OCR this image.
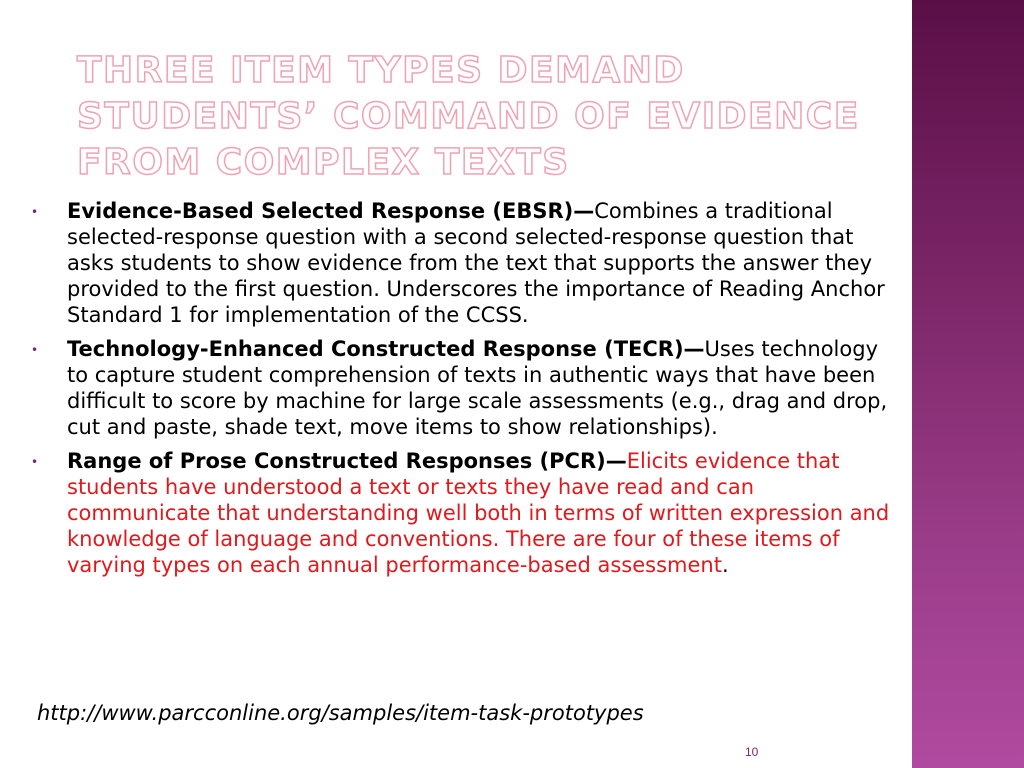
THREE ITEM TYPES DEMAND STUDENTS’ COMMAND OF EVIDENCE FROM COMPLEX TEXTS
• Evidence-Based Selected Response (EBSR)—Combines a traditional selected-response question with a second selected-response question that asks students to show evidence from the text that supports the answer they provided to the first question. Underscores the importance of Reading Anchor Standard 1 for implementation of the CCSS.
• Technology-Enhanced Constructed Response (TECR)—Uses technology to capture student comprehension of texts in authentic ways that have been difficult to score by machine for large scale assessments (e.g., drag and drop, cut and paste, shade text, move items to show relationships).
• Range of Prose Constructed Responses (PCR)—Elicits evidence that students have understood a text or texts they have read and can communicate that understanding well both in terms of written expression and knowledge of language and conventions. There are four of these items of varying types on each annual performance-based assessment.
http://www.parcconline.org/samples/item-task-prototypes
10
